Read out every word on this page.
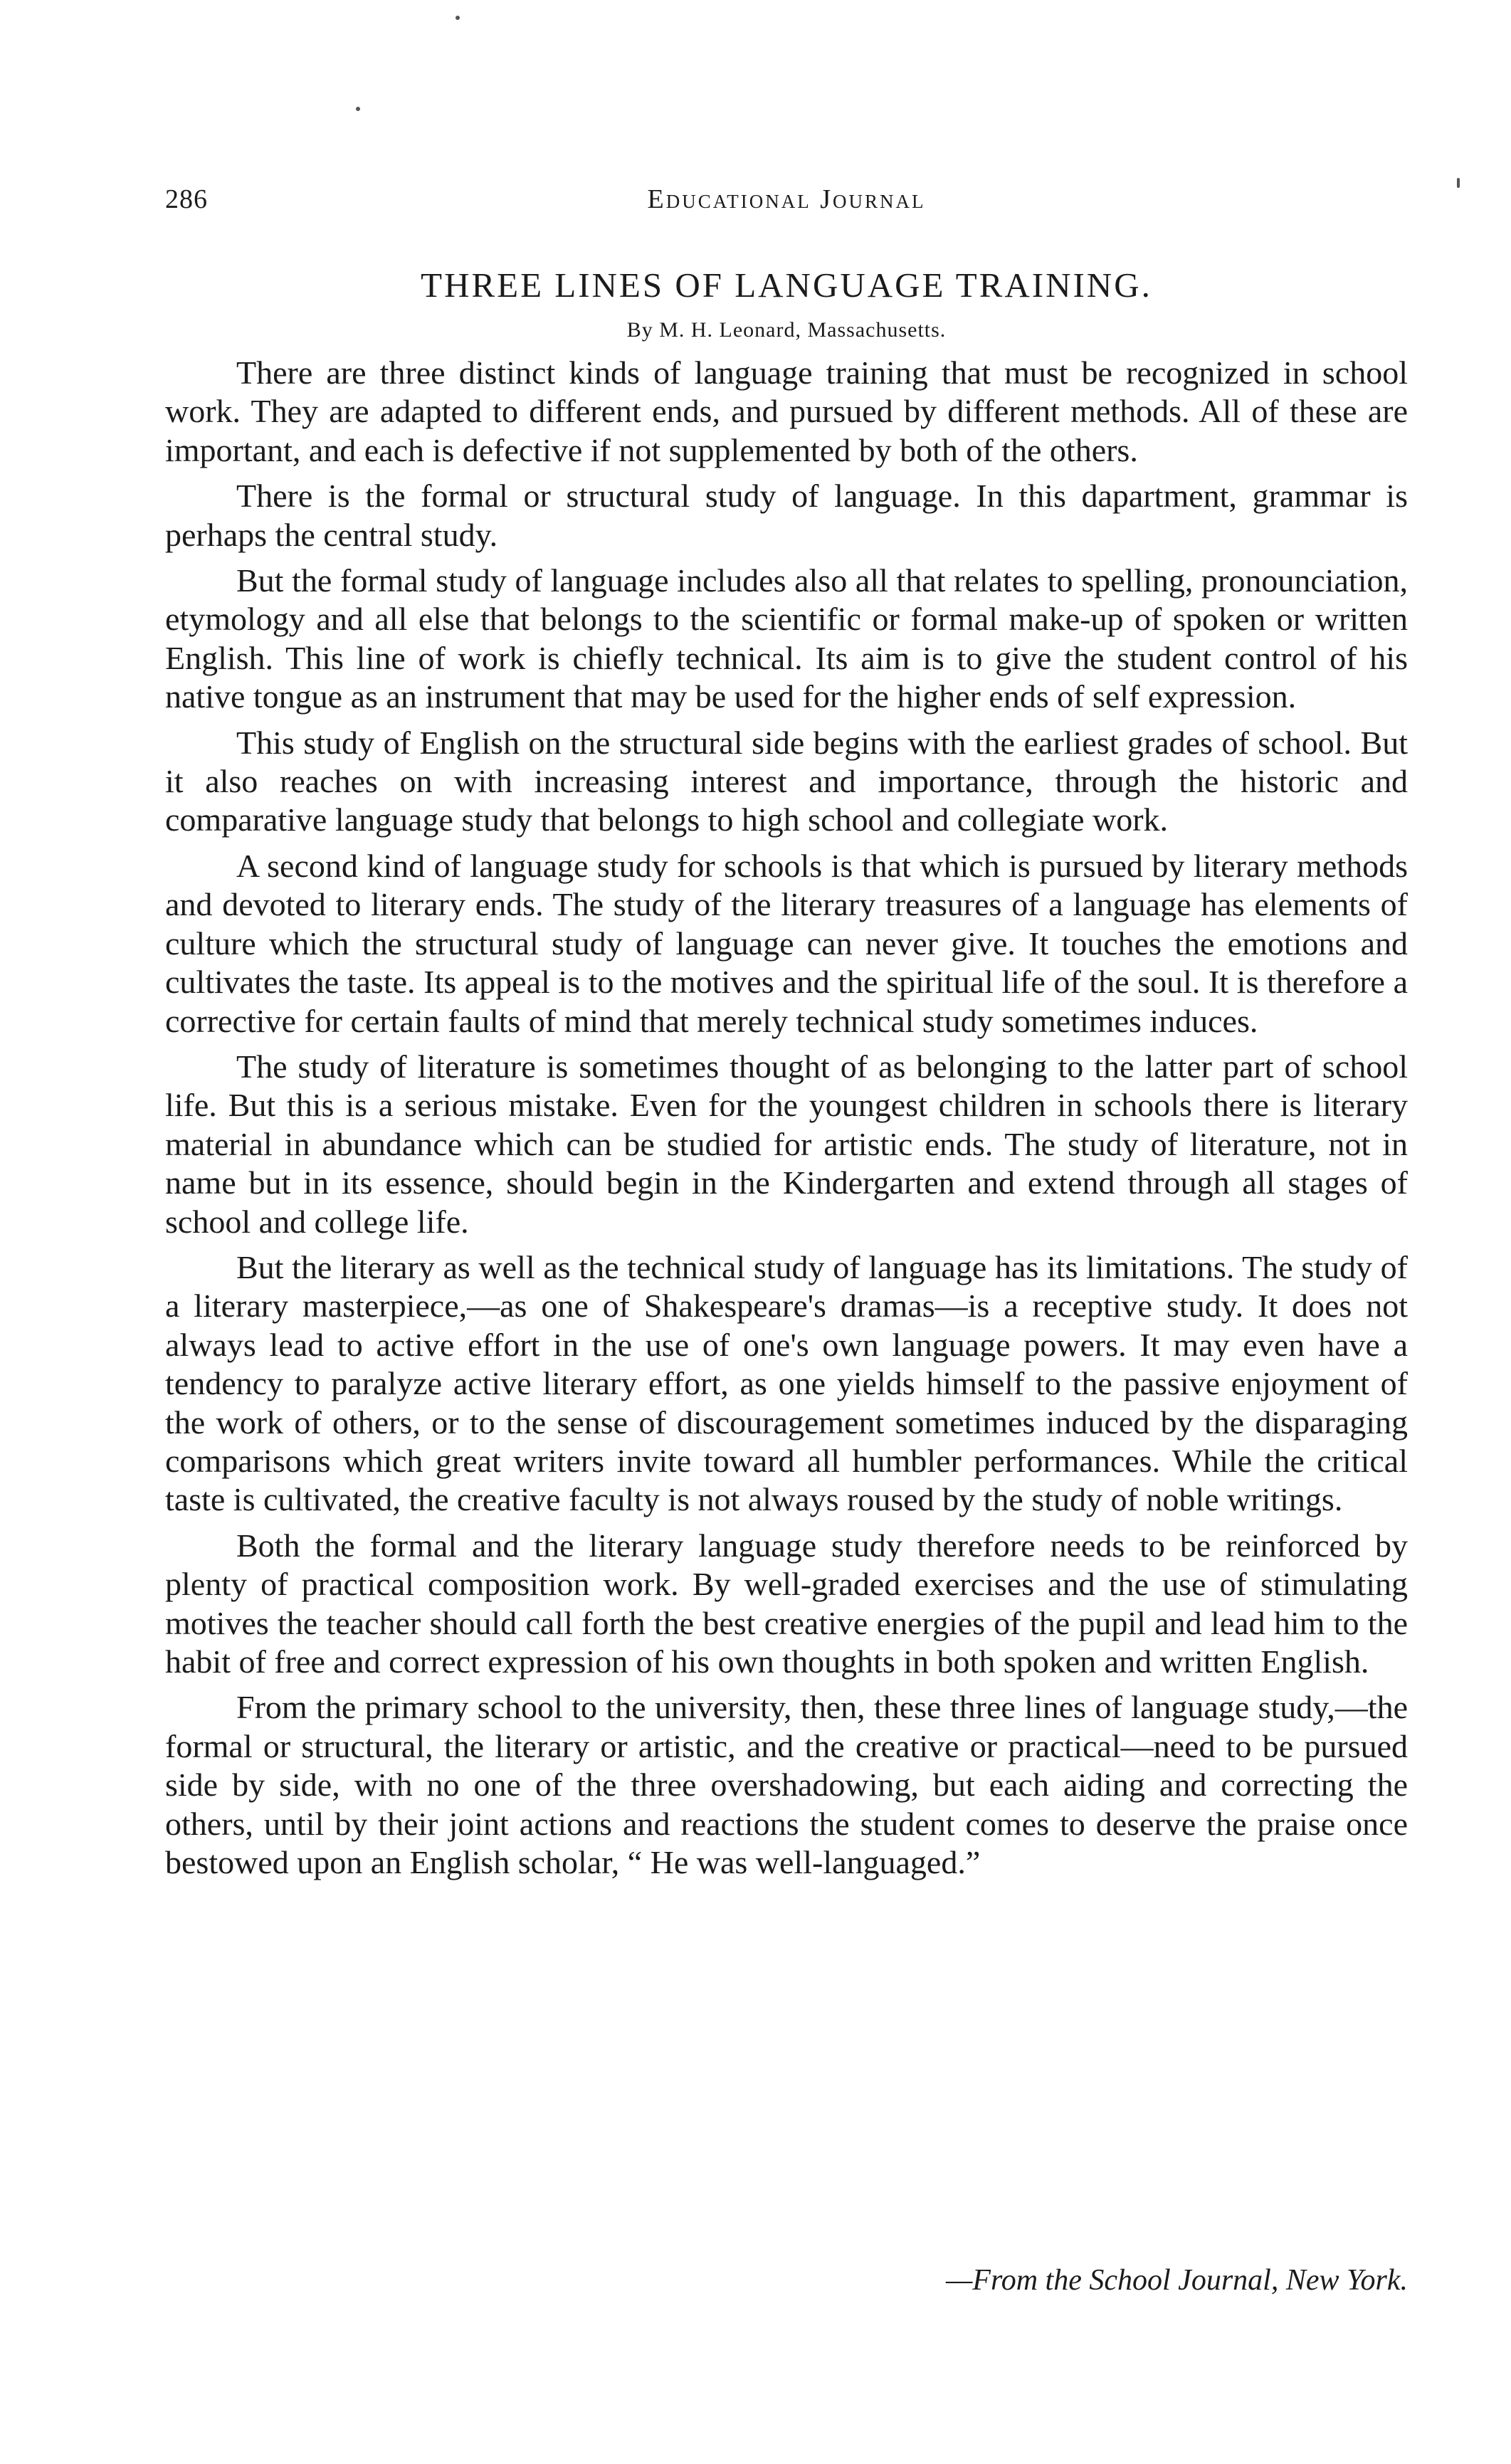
286	Educational Journal
THREE LINES OF LANGUAGE TRAINING.
By M. H. Leonard, Massachusetts.

There are three distinct kinds of language training that must be recognized in school work. They are adapted to different ends, and pursued by different methods. All of these are important, and each is defective if not supplemented by both of the others.

There is the formal or structural study of language. In this dapartment, grammar is perhaps the central study.

But the formal study of language includes also all that relates to spelling, pronounciation, etymology and all else that belongs to the scientific or formal make-up of spoken or written English. This line of work is chiefly technical. Its aim is to give the student control of his native tongue as an instrument that may be used for the higher ends of self expression.

This study of English on the structural side begins with the earliest grades of school. But it also reaches on with increasing interest and importance, through the historic and comparative language study that belongs to high school and collegiate work.

A second kind of language study for schools is that which is pursued by literary methods and devoted to literary ends. The study of the literary treasures of a language has elements of culture which the structural study of language can never give. It touches the emotions and cultivates the taste. Its appeal is to the motives and the spiritual life of the soul. It is therefore a corrective for certain faults of mind that merely technical study sometimes induces.

The study of literature is sometimes thought of as belonging to the latter part of school life. But this is a serious mistake. Even for the youngest children in schools there is literary material in abundance which can be studied for artistic ends. The study of literature, not in name but in its essence, should begin in the Kindergarten and extend through all stages of school and college life.

But the literary as well as the technical study of language has its limitations. The study of a literary masterpiece,—as one of Shakespeare's dramas—is a receptive study. It does not always lead to active effort in the use of one's own language powers. It may even have a tendency to paralyze active literary effort, as one yields himself to the passive enjoyment of the work of others, or to the sense of discouragement sometimes induced by the disparaging comparisons which great writers invite toward all humbler performances. While the critical taste is cultivated, the creative faculty is not always roused by the study of noble writings.

Both the formal and the literary language study therefore needs to be reinforced by plenty of practical composition work. By well-graded exercises and the use of stimulating motives the teacher should call forth the best creative energies of the pupil and lead him to the habit of free and correct expression of his own thoughts in both spoken and written English.

From the primary school to the university, then, these three lines of language study,—the formal or structural, the literary or artistic, and the creative or practical—need to be pursued side by side, with no one of the three overshadowing, but each aiding and correcting the others, until by their joint actions and reactions the student comes to deserve the praise once bestowed upon an English scholar, “ He was well-languaged.”

—From the School Journal, New York.
